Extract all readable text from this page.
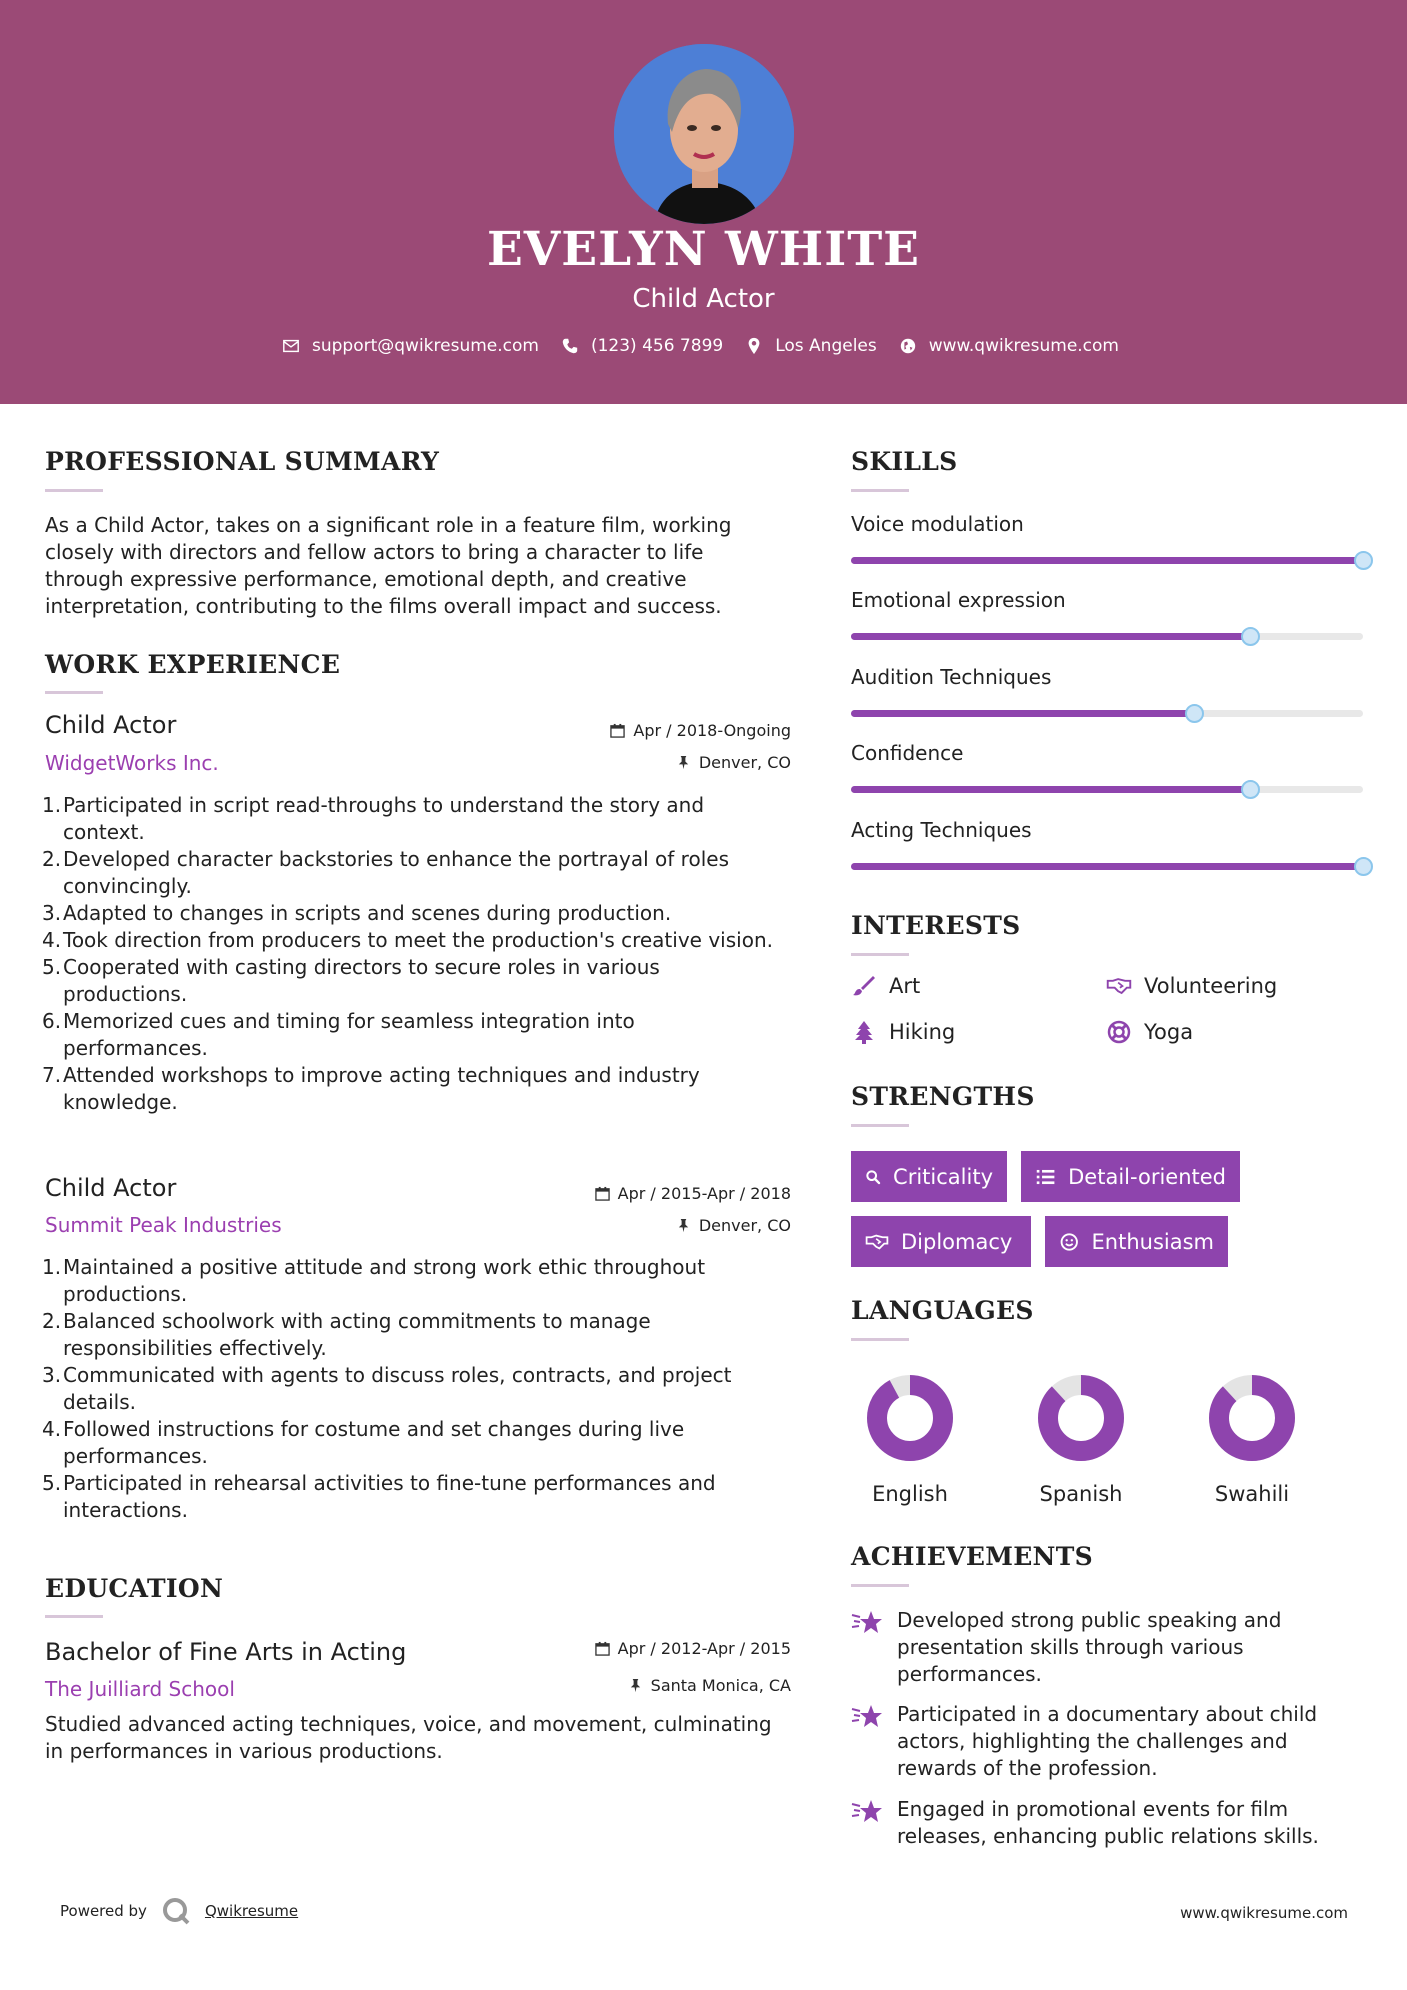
EVELYN WHITE
Child Actor
support@qwikresume.com	(123) 456 7899	Los Angeles	www.qwikresume.com
PROFESSIONAL SUMMARY
As a Child Actor, takes on a significant role in a feature film, working closely with directors and fellow actors to bring a character to life through expressive performance, emotional depth, and creative interpretation, contributing to the films overall impact and success.
WORK EXPERIENCE
Child Actor	Apr / 2018-Ongoing
WidgetWorks Inc.	Denver, CO
1. Participated in script read-throughs to understand the story and context.
2. Developed character backstories to enhance the portrayal of roles convincingly.
3. Adapted to changes in scripts and scenes during production.
4. Took direction from producers to meet the production's creative vision.
5. Cooperated with casting directors to secure roles in various productions.
6. Memorized cues and timing for seamless integration into performances.
7. Attended workshops to improve acting techniques and industry knowledge.
Child Actor	Apr / 2015-Apr / 2018
Summit Peak Industries	Denver, CO
1. Maintained a positive attitude and strong work ethic throughout productions.
2. Balanced schoolwork with acting commitments to manage responsibilities effectively.
3. Communicated with agents to discuss roles, contracts, and project details.
4. Followed instructions for costume and set changes during live performances.
5. Participated in rehearsal activities to fine-tune performances and interactions.
EDUCATION
Bachelor of Fine Arts in Acting	Apr / 2012-Apr / 2015
The Juilliard School	Santa Monica, CA
Studied advanced acting techniques, voice, and movement, culminating in performances in various productions.
SKILLS
Voice modulation
Emotional expression
Audition Techniques
Confidence
Acting Techniques
INTERESTS
Art	Volunteering
Hiking	Yoga
STRENGTHS
Criticality	Detail-oriented
Diplomacy	Enthusiasm
LANGUAGES
English	Spanish	Swahili
ACHIEVEMENTS
Developed strong public speaking and presentation skills through various performances.
Participated in a documentary about child actors, highlighting the challenges and rewards of the profession.
Engaged in promotional events for film releases, enhancing public relations skills.
Powered by	Qwikresume	www.qwikresume.com
